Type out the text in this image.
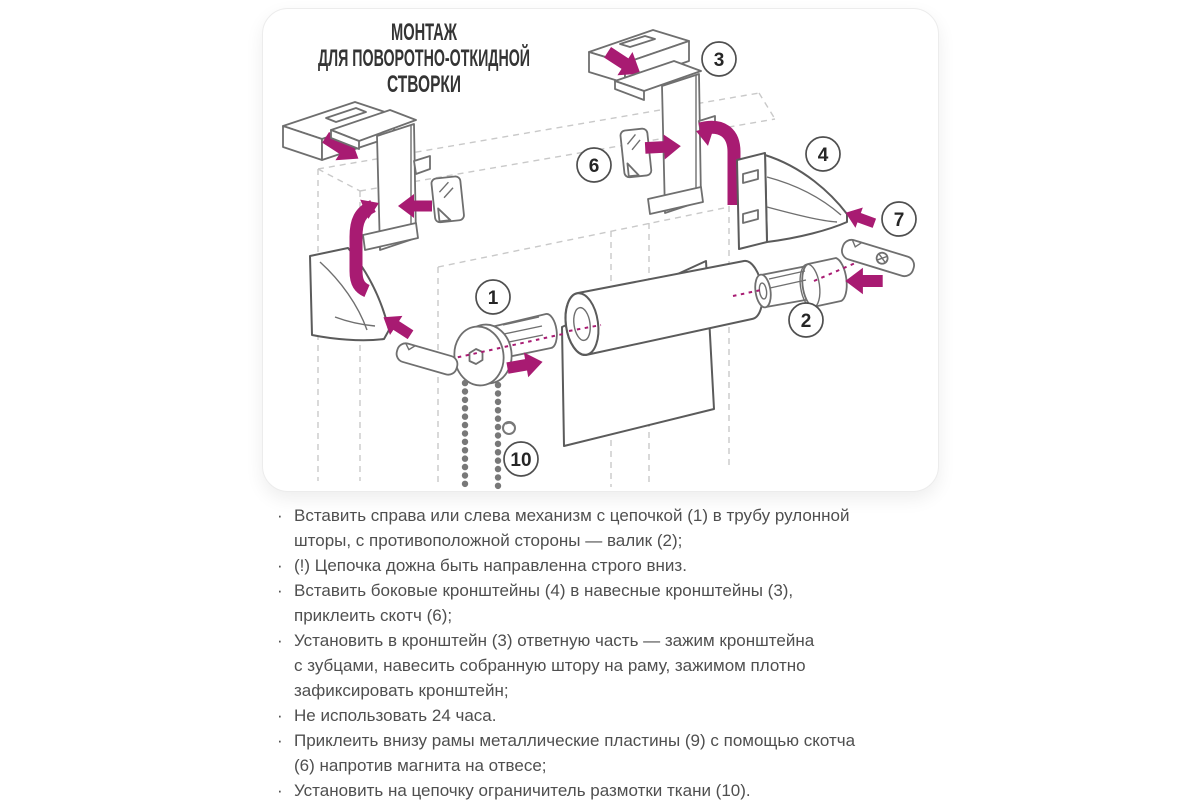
1
2
3
4
6
7
10
МОНТАЖ
ДЛЯ ПОВОРОТНО-ОТКИДНОЙ
СТВОРКИ
· Вставить справа или слева механизм с цепочкой (1) в трубу рулонной
шторы, с противоположной стороны — валик (2);
· (!) Цепочка дожна быть направленна строго вниз.
· Вставить боковые кронштейны (4) в навесные кронштейны (3),
приклеить скотч (6);
· Установить в кронштейн (3) ответную часть — зажим кронштейна
с зубцами, навесить собранную штору на раму, зажимом плотно
зафиксировать кронштейн;
· Не использовать 24 часа.
· Приклеить внизу рамы металлические пластины (9) с помощью скотча
(6) напротив магнита на отвесе;
· Установить на цепочку ограничитель размотки ткани (10).
